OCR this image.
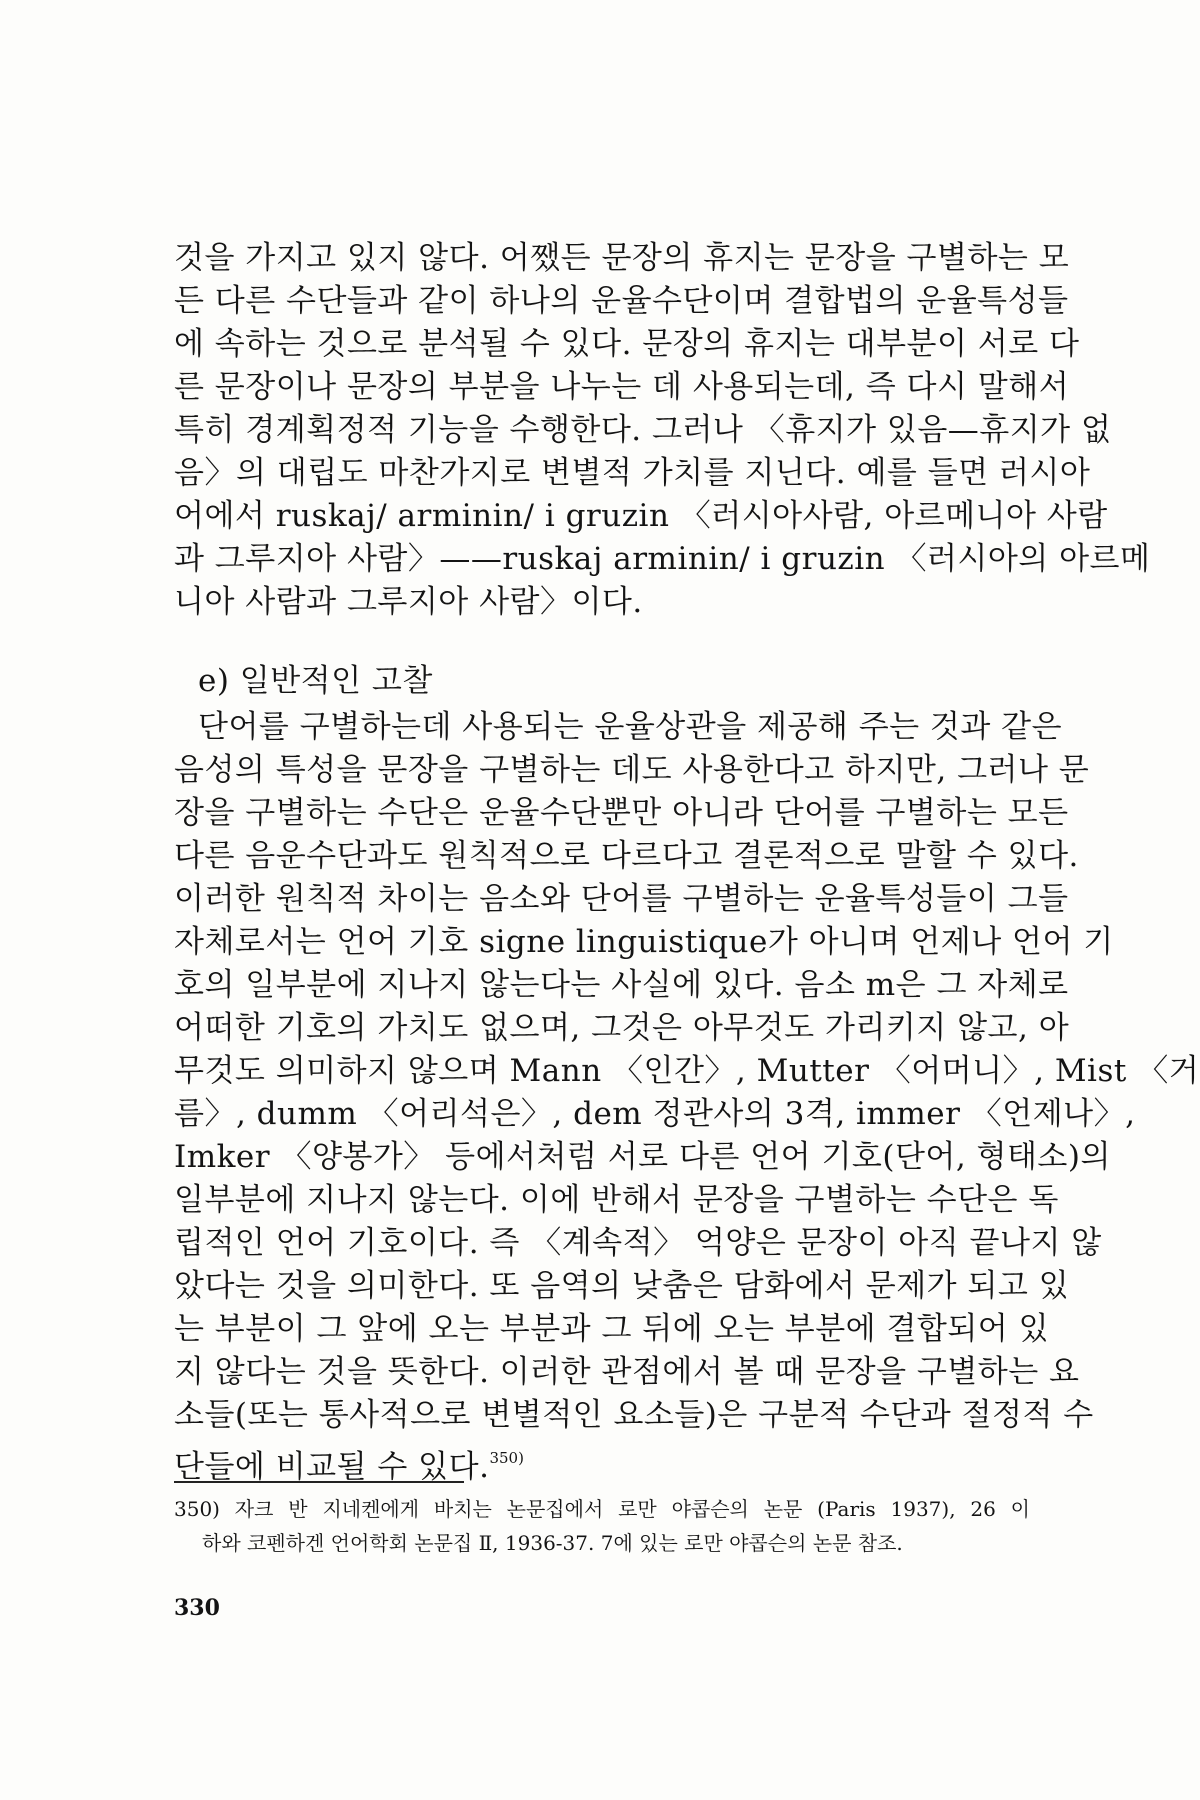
것을 가지고 있지 않다. 어쨌든 문장의 휴지는 문장을 구별하는 모
든 다른 수단들과 같이 하나의 운율수단이며 결합법의 운율특성들
에 속하는 것으로 분석될 수 있다. 문장의 휴지는 대부분이 서로 다
른 문장이나 문장의 부분을 나누는 데 사용되는데, 즉 다시 말해서
특히 경계획정적 기능을 수행한다. 그러나 〈휴지가 있음—휴지가 없
음〉의 대립도 마찬가지로 변별적 가치를 지닌다. 예를 들면 러시아
어에서 ruskaj/ arminin/ i gruzin 〈러시아사람, 아르메니아 사람
과 그루지아 사람〉——ruskaj arminin/ i gruzin 〈러시아의 아르메
니아 사람과 그루지아 사람〉이다.
e) 일반적인 고찰
단어를 구별하는데 사용되는 운율상관을 제공해 주는 것과 같은
음성의 특성을 문장을 구별하는 데도 사용한다고 하지만, 그러나 문
장을 구별하는 수단은 운율수단뿐만 아니라 단어를 구별하는 모든
다른 음운수단과도 원칙적으로 다르다고 결론적으로 말할 수 있다.
이러한 원칙적 차이는 음소와 단어를 구별하는 운율특성들이 그들
자체로서는 언어 기호 signe linguistique가 아니며 언제나 언어 기
호의 일부분에 지나지 않는다는 사실에 있다. 음소 m은 그 자체로
어떠한 기호의 가치도 없으며, 그것은 아무것도 가리키지 않고, 아
무것도 의미하지 않으며 Mann 〈인간〉, Mutter 〈어머니〉, Mist 〈거
름〉, dumm 〈어리석은〉, dem 정관사의 3격, immer 〈언제나〉,
Imker 〈양봉가〉 등에서처럼 서로 다른 언어 기호(단어, 형태소)의
일부분에 지나지 않는다. 이에 반해서 문장을 구별하는 수단은 독
립적인 언어 기호이다. 즉 〈계속적〉 억양은 문장이 아직 끝나지 않
았다는 것을 의미한다. 또 음역의 낮춤은 담화에서 문제가 되고 있
는 부분이 그 앞에 오는 부분과 그 뒤에 오는 부분에 결합되어 있
지 않다는 것을 뜻한다. 이러한 관점에서 볼 때 문장을 구별하는 요
소들(또는 통사적으로 변별적인 요소들)은 구분적 수단과 절정적 수
단들에 비교될 수 있다.$^{350)}$
350) 자크 반 지네켄에게 바치는 논문집에서 로만 야콥슨의 논문 (Paris 1937), 26 이
하와 코펜하겐 언어학회 논문집 Ⅱ, 1936-37. 7에 있는 로만 야콥슨의 논문 참조.
330
